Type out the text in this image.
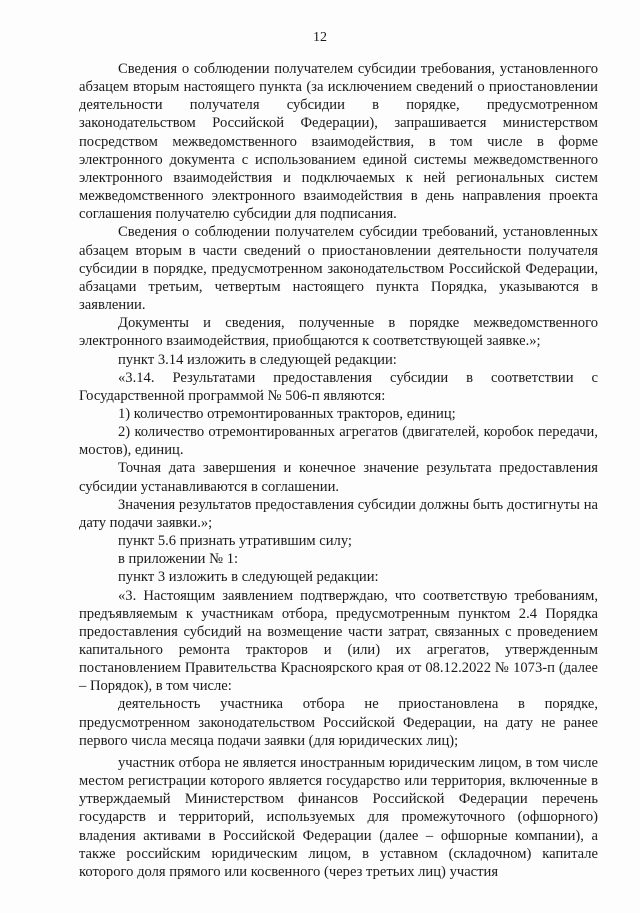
12

Сведения о соблюдении получателем субсидии требования, установленного абзацем вторым настоящего пункта (за исключением сведений о приостановлении деятельности получателя субсидии в порядке, предусмотренном законодательством Российской Федерации), запрашивается министерством посредством межведомственного взаимодействия, в том числе в форме электронного документа с использованием единой системы межведомственного электронного взаимодействия и подключаемых к ней региональных систем межведомственного электронного взаимодействия в день направления проекта соглашения получателю субсидии для подписания.

Сведения о соблюдении получателем субсидии требований, установленных абзацем вторым в части сведений о приостановлении деятельности получателя субсидии в порядке, предусмотренном законодательством Российской Федерации, абзацами третьим, четвертым настоящего пункта Порядка, указываются в заявлении.

Документы и сведения, полученные в порядке межведомственного электронного взаимодействия, приобщаются к соответствующей заявке.»;

пункт 3.14 изложить в следующей редакции:

«3.14. Результатами предоставления субсидии в соответствии с Государственной программой № 506-п являются:

1) количество отремонтированных тракторов, единиц;

2) количество отремонтированных агрегатов (двигателей, коробок передачи, мостов), единиц.

Точная дата завершения и конечное значение результата предоставления субсидии устанавливаются в соглашении.

Значения результатов предоставления субсидии должны быть достигнуты на дату подачи заявки.»;

пункт 5.6 признать утратившим силу;

в приложении № 1:

пункт 3 изложить в следующей редакции:

«3. Настоящим заявлением подтверждаю, что соответствую требованиям, предъявляемым к участникам отбора, предусмотренным пунктом 2.4 Порядка предоставления субсидий на возмещение части затрат, связанных с проведением капитального ремонта тракторов и (или) их агрегатов, утвержденным постановлением Правительства Красноярского края от 08.12.2022 № 1073-п (далее – Порядок), в том числе:

деятельность участника отбора не приостановлена в порядке, предусмотренном законодательством Российской Федерации, на дату не ранее первого числа месяца подачи заявки (для юридических лиц);

участник отбора не является иностранным юридическим лицом, в том числе местом регистрации которого является государство или территория, включенные в утверждаемый Министерством финансов Российской Федерации перечень государств и территорий, используемых для промежуточного (офшорного) владения активами в Российской Федерации (далее – офшорные компании), а также российским юридическим лицом, в уставном (складочном) капитале которого доля прямого или косвенного (через третьих лиц) участия
